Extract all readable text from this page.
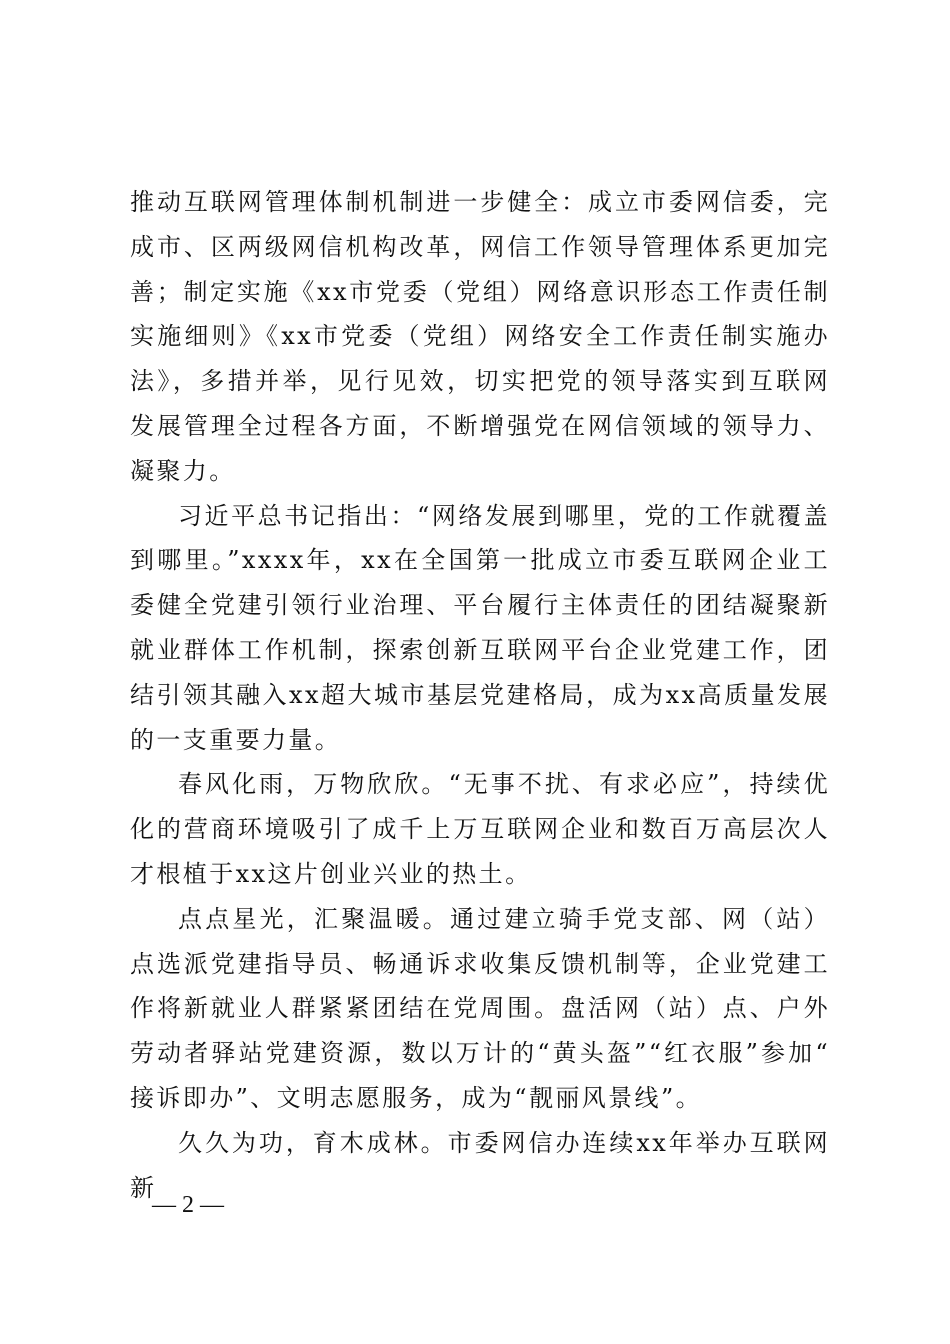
推动互联网管理体制机制进一步健全：成立市委网信委，完成市、区两级网信机构改革，网信工作领导管理体系更加完善；制定实施《xx市党委（党组）网络意识形态工作责任制实施细则》《xx市党委（党组）网络安全工作责任制实施办法》，多措并举，见行见效，切实把党的领导落实到互联网发展管理全过程各方面，不断增强党在网信领域的领导力、凝聚力。

习近平总书记指出：“网络发展到哪里，党的工作就覆盖到哪里。”xxxx年，xx在全国第一批成立市委互联网企业工委健全党建引领行业治理、平台履行主体责任的团结凝聚新就业群体工作机制，探索创新互联网平台企业党建工作，团结引领其融入xx超大城市基层党建格局，成为xx高质量发展的一支重要力量。

春风化雨，万物欣欣。“无事不扰、有求必应”，持续优化的营商环境吸引了成千上万互联网企业和数百万高层次人才根植于xx这片创业兴业的热土。

点点星光，汇聚温暖。通过建立骑手党支部、网（站）点选派党建指导员、畅通诉求收集反馈机制等，企业党建工作将新就业人群紧紧团结在党周围。盘活网（站）点、户外劳动者驿站党建资源，数以万计的“黄头盔”“红衣服”参加“接诉即办”、文明志愿服务，成为“靓丽风景线”。

久久为功，育木成林。市委网信办连续xx年举办互联网新

— 2 —
